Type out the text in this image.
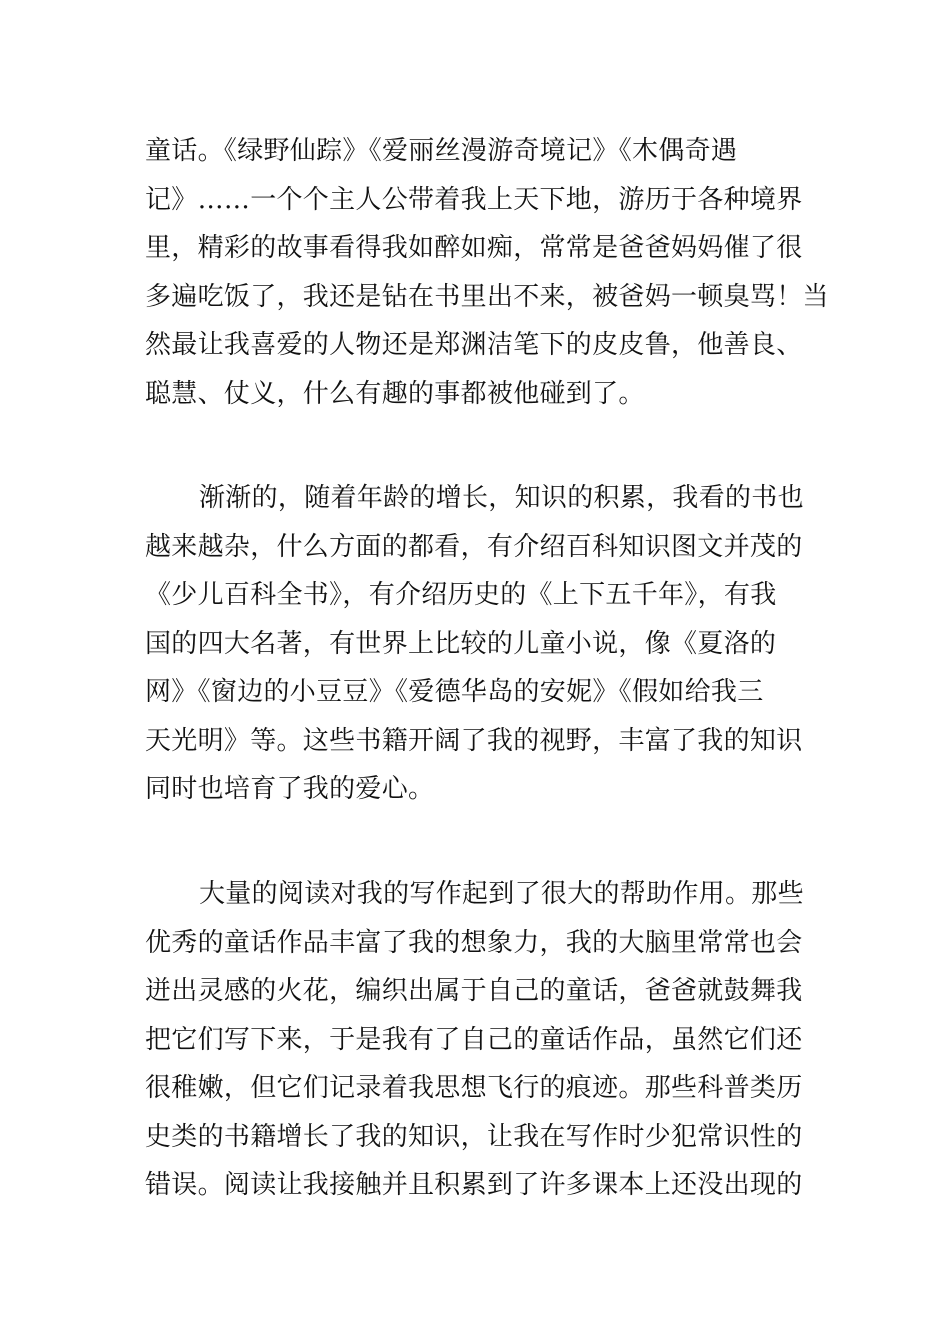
童话。《绿野仙踪》《爱丽丝漫游奇境记》《木偶奇遇
记》……一个个主人公带着我上天下地，游历于各种境界
里，精彩的故事看得我如醉如痴，常常是爸爸妈妈催了很
多遍吃饭了，我还是钻在书里出不来，被爸妈一顿臭骂！当
然最让我喜爱的人物还是郑渊洁笔下的皮皮鲁，他善良、
聪慧、仗义，什么有趣的事都被他碰到了。
渐渐的，随着年龄的增长，知识的积累，我看的书也
越来越杂，什么方面的都看，有介绍百科知识图文并茂的
《少儿百科全书》，有介绍历史的《上下五千年》，有我
国的四大名著，有世界上比较的儿童小说，像《夏洛的
网》《窗边的小豆豆》《爱德华岛的安妮》《假如给我三
天光明》等。这些书籍开阔了我的视野，丰富了我的知识
同时也培育了我的爱心。
大量的阅读对我的写作起到了很大的帮助作用。那些
优秀的童话作品丰富了我的想象力，我的大脑里常常也会
迸出灵感的火花，编织出属于自己的童话，爸爸就鼓舞我
把它们写下来，于是我有了自己的童话作品，虽然它们还
很稚嫩，但它们记录着我思想飞行的痕迹。那些科普类历
史类的书籍增长了我的知识，让我在写作时少犯常识性的
错误。阅读让我接触并且积累到了许多课本上还没出现的
